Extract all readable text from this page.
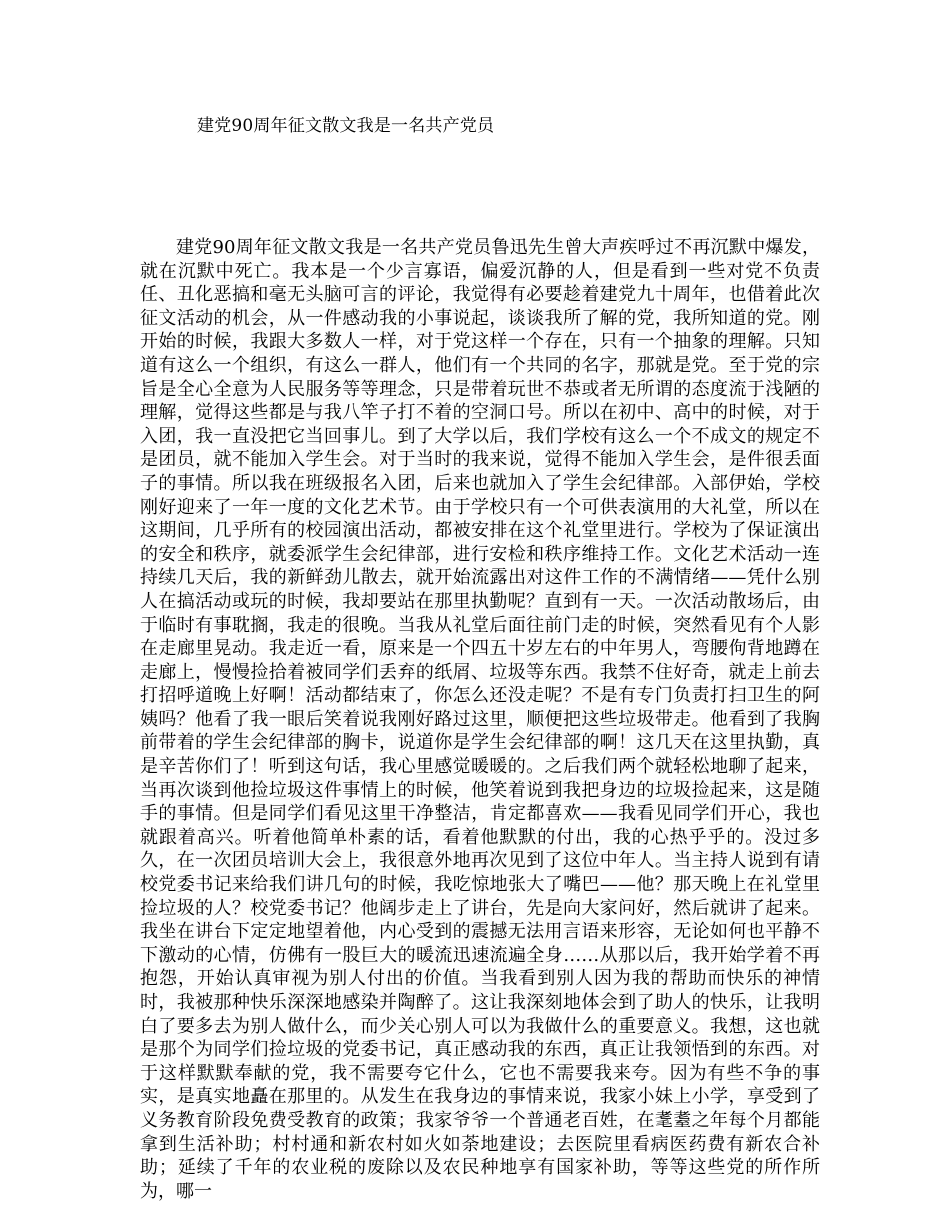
建党90周年征文散文我是一名共产党员

建党90周年征文散文我是一名共产党员鲁迅先生曾大声疾呼过不再沉默中爆发，就在沉默中死亡。我本是一个少言寡语，偏爱沉静的人，但是看到一些对党不负责任、丑化恶搞和毫无头脑可言的评论，我觉得有必要趁着建党九十周年，也借着此次征文活动的机会，从一件感动我的小事说起，谈谈我所了解的党，我所知道的党。刚开始的时候，我跟大多数人一样，对于党这样一个存在，只有一个抽象的理解。只知道有这么一个组织，有这么一群人，他们有一个共同的名字，那就是党。至于党的宗旨是全心全意为人民服务等等理念，只是带着玩世不恭或者无所谓的态度流于浅陋的理解，觉得这些都是与我八竿子打不着的空洞口号。所以在初中、高中的时候，对于入团，我一直没把它当回事儿。到了大学以后，我们学校有这么一个不成文的规定不是团员，就不能加入学生会。对于当时的我来说，觉得不能加入学生会，是件很丢面子的事情。所以我在班级报名入团，后来也就加入了学生会纪律部。入部伊始，学校刚好迎来了一年一度的文化艺术节。由于学校只有一个可供表演用的大礼堂，所以在这期间，几乎所有的校园演出活动，都被安排在这个礼堂里进行。学校为了保证演出的安全和秩序，就委派学生会纪律部，进行安检和秩序维持工作。文化艺术活动一连持续几天后，我的新鲜劲儿散去，就开始流露出对这件工作的不满情绪——凭什么别人在搞活动或玩的时候，我却要站在那里执勤呢？直到有一天。一次活动散场后，由于临时有事耽搁，我走的很晚。当我从礼堂后面往前门走的时候，突然看见有个人影在走廊里晃动。我走近一看，原来是一个四五十岁左右的中年男人，弯腰佝背地蹲在走廊上，慢慢捡拾着被同学们丢弃的纸屑、垃圾等东西。我禁不住好奇，就走上前去打招呼道晚上好啊！活动都结束了，你怎么还没走呢？不是有专门负责打扫卫生的阿姨吗？他看了我一眼后笑着说我刚好路过这里，顺便把这些垃圾带走。他看到了我胸前带着的学生会纪律部的胸卡，说道你是学生会纪律部的啊！这几天在这里执勤，真是辛苦你们了！听到这句话，我心里感觉暖暖的。之后我们两个就轻松地聊了起来，当再次谈到他捡垃圾这件事情上的时候，他笑着说到我把身边的垃圾捡起来，这是随手的事情。但是同学们看见这里干净整洁，肯定都喜欢——我看见同学们开心，我也就跟着高兴。听着他简单朴素的话，看着他默默的付出，我的心热乎乎的。没过多久，在一次团员培训大会上，我很意外地再次见到了这位中年人。当主持人说到有请校党委书记来给我们讲几句的时候，我吃惊地张大了嘴巴——他？那天晚上在礼堂里捡垃圾的人？校党委书记？他阔步走上了讲台，先是向大家问好，然后就讲了起来。我坐在讲台下定定地望着他，内心受到的震撼无法用言语来形容，无论如何也平静不下激动的心情，仿佛有一股巨大的暖流迅速流遍全身……从那以后，我开始学着不再抱怨，开始认真审视为别人付出的价值。当我看到别人因为我的帮助而快乐的神情时，我被那种快乐深深地感染并陶醉了。这让我深刻地体会到了助人的快乐，让我明白了要多去为别人做什么，而少关心别人可以为我做什么的重要意义。我想，这也就是那个为同学们捡垃圾的党委书记，真正感动我的东西，真正让我领悟到的东西。对于这样默默奉献的党，我不需要夸它什么，它也不需要我来夸。因为有些不争的事实，是真实地矗在那里的。从发生在我身边的事情来说，我家小妹上小学，享受到了义务教育阶段免费受教育的政策；我家爷爷一个普通老百姓，在耄耋之年每个月都能拿到生活补助；村村通和新农村如火如荼地建设；去医院里看病医药费有新农合补助；延续了千年的农业税的废除以及农民种地享有国家补助，等等这些党的所作所为，哪一
